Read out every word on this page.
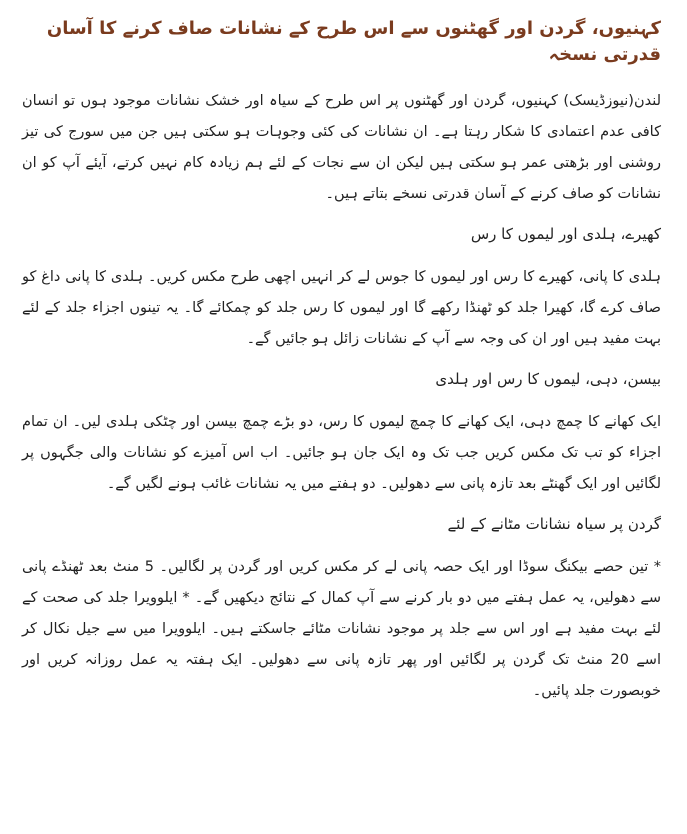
کہنیوں، گردن اور گھٹنوں سے اس طرح کے نشانات صاف کرنے کا آسان قدرتی نسخہ

لندن(نیوزڈیسک) کہنیوں، گردن اور گھٹنوں پر اس طرح کے سیاہ اور خشک نشانات موجود ہوں تو انسان کافی عدم اعتمادی کا شکار رہتا ہے۔ ان نشانات کی کئی وجوہات ہو سکتی ہیں جن میں سورج کی تیز روشنی اور بڑھتی عمر ہو سکتی ہیں لیکن ان سے نجات کے لئے ہم زیادہ کام نہیں کرتے، آیئے آپ کو ان نشانات کو صاف کرنے کے آسان قدرتی نسخے بتاتے ہیں۔

کھیرے، ہلدی اور لیموں کا رس

ہلدی کا پانی، کھیرے کا رس اور لیموں کا جوس لے کر انہیں اچھی طرح مکس کریں۔ ہلدی کا پانی داغ کو صاف کرے گا، کھیرا جلد کو ٹھنڈا رکھے گا اور لیموں کا رس جلد کو چمکائے گا۔ یہ تینوں اجزاء جلد کے لئے بہت مفید ہیں اور ان کی وجہ سے آپ کے نشانات زائل ہو جائیں گے۔

بیسن، دہی، لیموں کا رس اور ہلدی

ایک کھانے کا چمچ دہی، ایک کھانے کا چمچ لیموں کا رس، دو بڑے چمچ بیسن اور چٹکی ہلدی لیں۔ ان تمام اجزاء کو تب تک مکس کریں جب تک وہ ایک جان ہو جائیں۔ اب اس آمیزے کو نشانات والی جگہوں پر لگائیں اور ایک گھنٹے بعد تازہ پانی سے دھولیں۔ دو ہفتے میں یہ نشانات غائب ہونے لگیں گے۔

گردن پر سیاہ نشانات مٹانے کے لئے

* تین حصے بیکنگ سوڈا اور ایک حصہ پانی لے کر مکس کریں اور گردن پر لگالیں۔ 5 منٹ بعد ٹھنڈے پانی سے دھولیں، یہ عمل ہفتے میں دو بار کرنے سے آپ کمال کے نتائج دیکھیں گے۔ * ایلوویرا جلد کی صحت کے لئے بہت مفید ہے اور اس سے جلد پر موجود نشانات مٹائے جاسکتے ہیں۔ ایلوویرا میں سے جیل نکال کر اسے 20 منٹ تک گردن پر لگائیں اور پھر تازہ پانی سے دھولیں۔ ایک ہفتہ یہ عمل روزانہ کریں اور خوبصورت جلد پائیں۔
